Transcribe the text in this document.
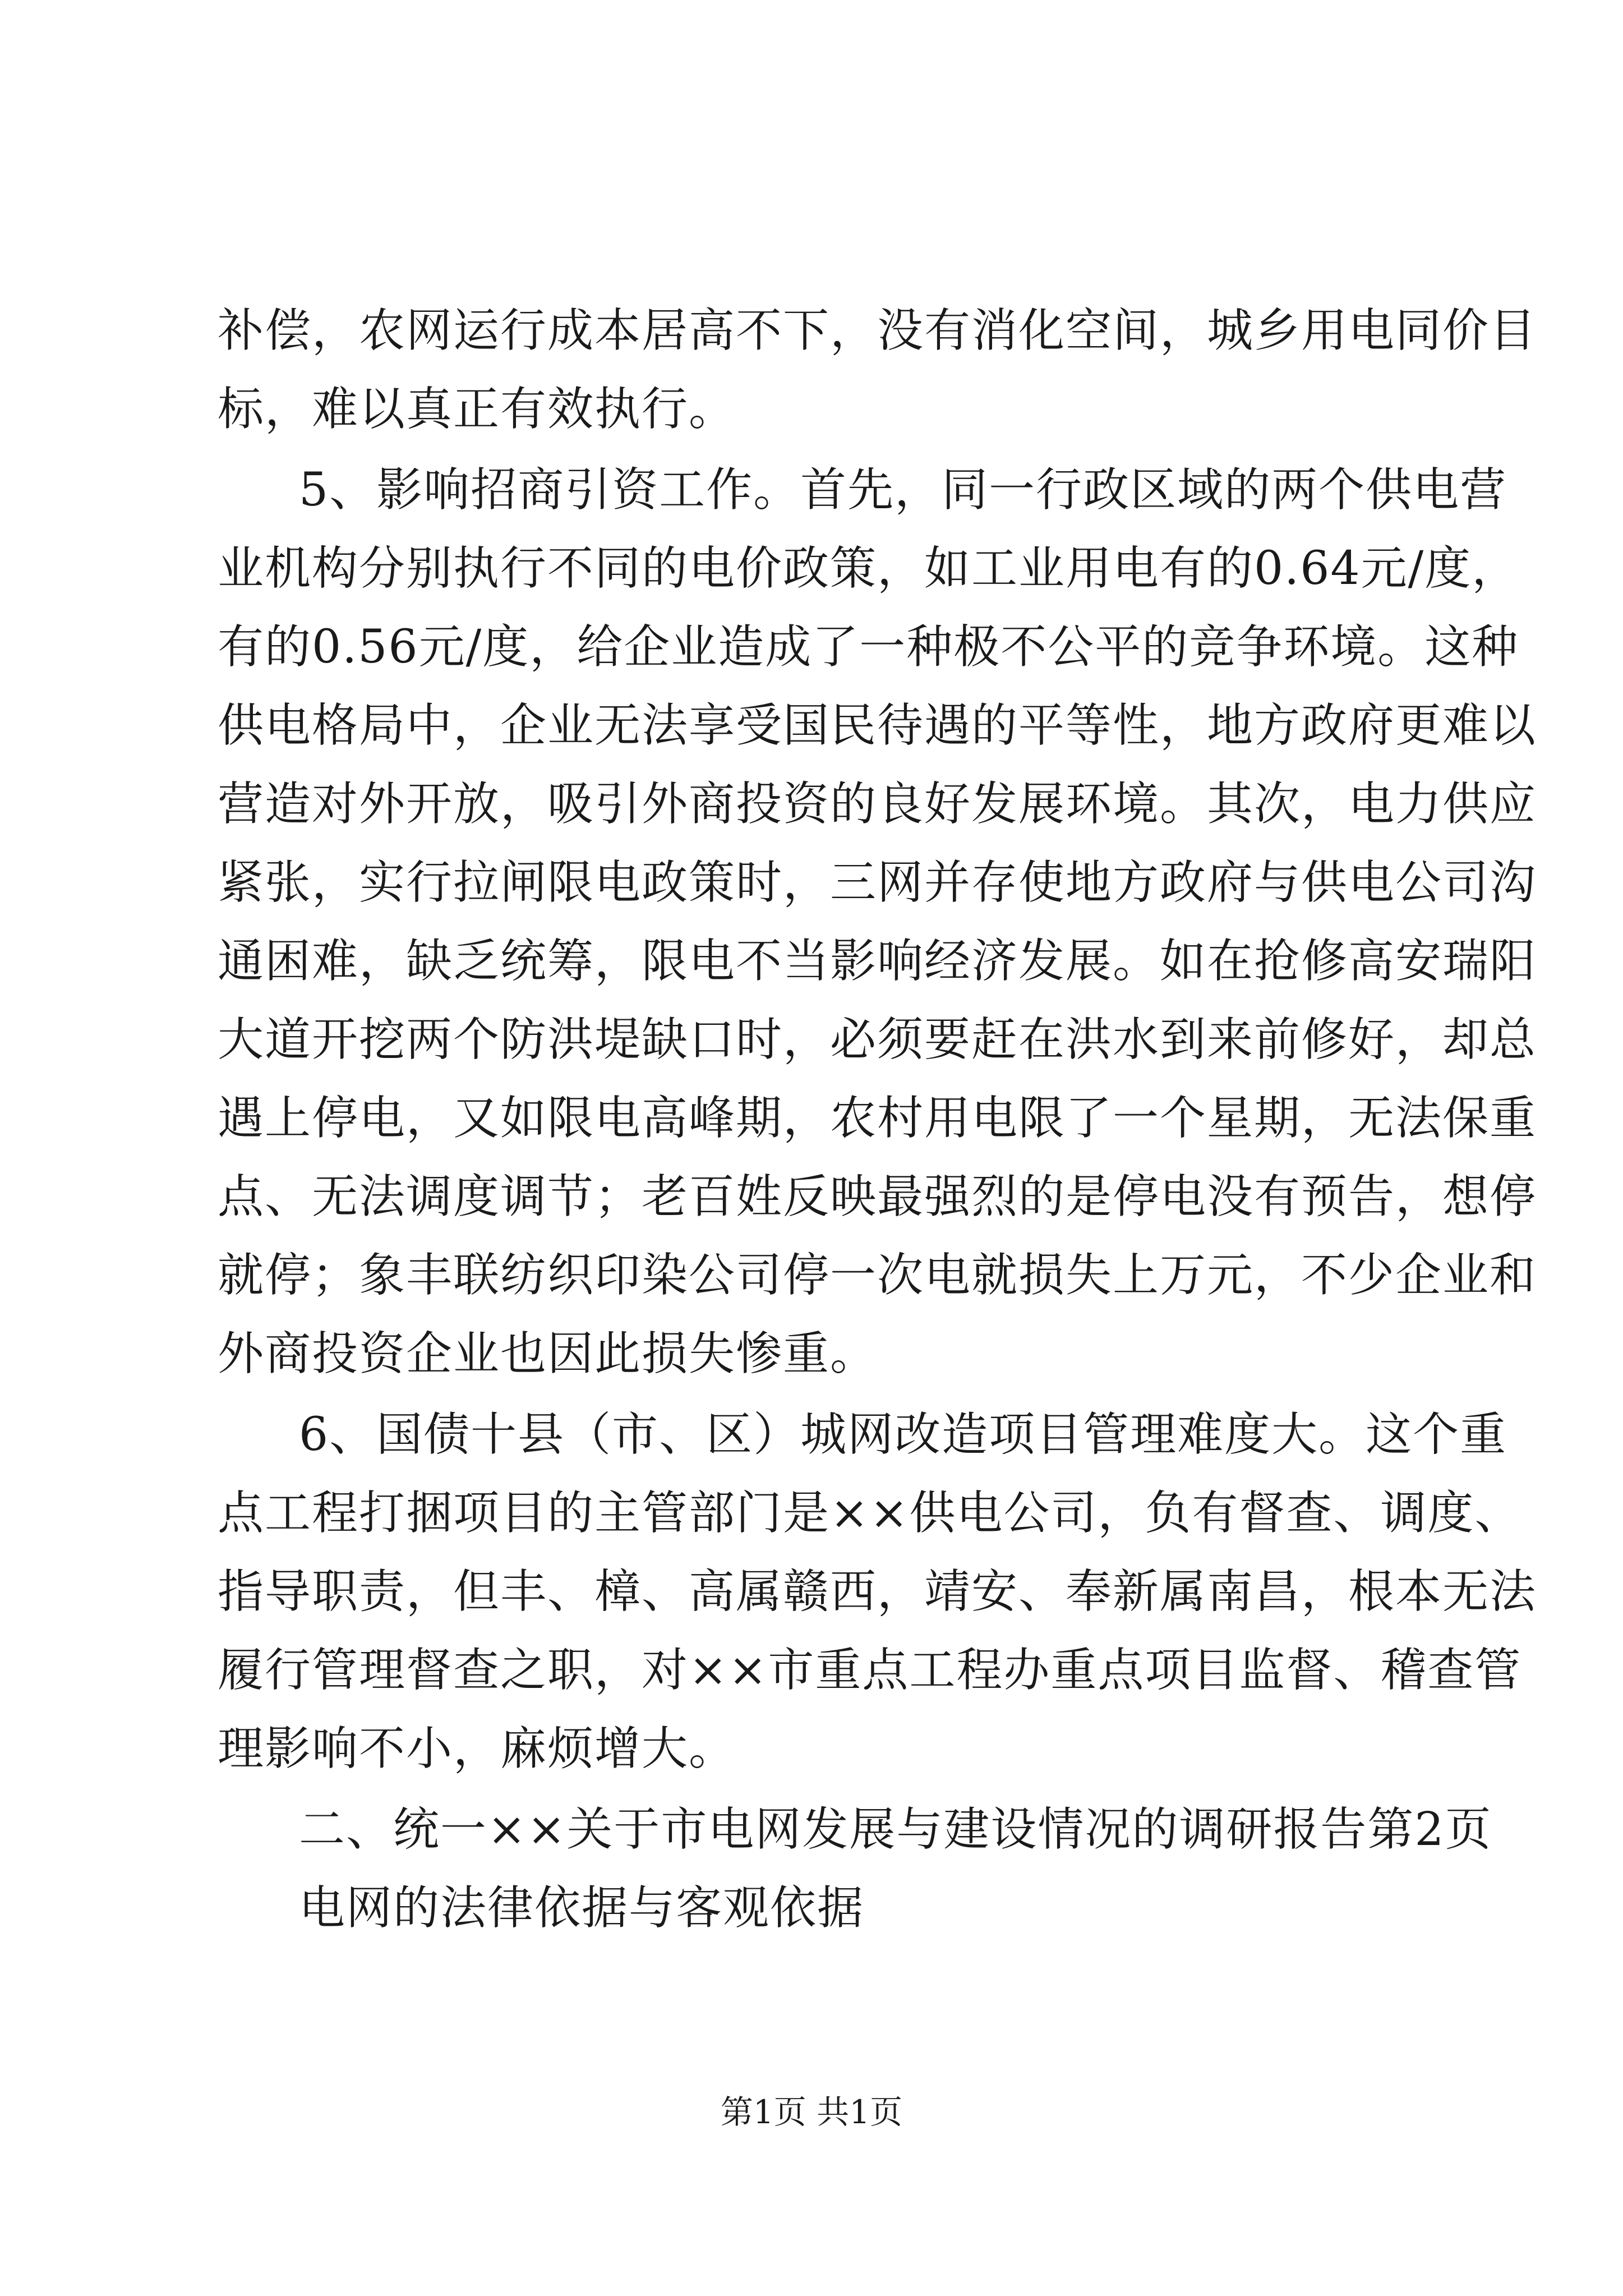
补偿，农网运行成本居高不下，没有消化空间，城乡用电同价目
标，难以真正有效执行。
5、影响招商引资工作。首先，同一行政区域的两个供电营
业机构分别执行不同的电价政策，如工业用电有的0.64元/度，
有的0.56元/度，给企业造成了一种极不公平的竞争环境。这种
供电格局中，企业无法享受国民待遇的平等性，地方政府更难以
营造对外开放，吸引外商投资的良好发展环境。其次，电力供应
紧张，实行拉闸限电政策时，三网并存使地方政府与供电公司沟
通困难，缺乏统筹，限电不当影响经济发展。如在抢修高安瑞阳
大道开挖两个防洪堤缺口时，必须要赶在洪水到来前修好，却总
遇上停电，又如限电高峰期，农村用电限了一个星期，无法保重
点、无法调度调节；老百姓反映最强烈的是停电没有预告，想停
就停；象丰联纺织印染公司停一次电就损失上万元，不少企业和
外商投资企业也因此损失惨重。
6、国债十县（市、区）城网改造项目管理难度大。这个重
点工程打捆项目的主管部门是××供电公司，负有督查、调度、
指导职责，但丰、樟、高属赣西，靖安、奉新属南昌，根本无法
履行管理督查之职，对××市重点工程办重点项目监督、稽查管
理影响不小，麻烦增大。
二、统一××关于市电网发展与建设情况的调研报告第2页
电网的法律依据与客观依据
第1页 共1页
